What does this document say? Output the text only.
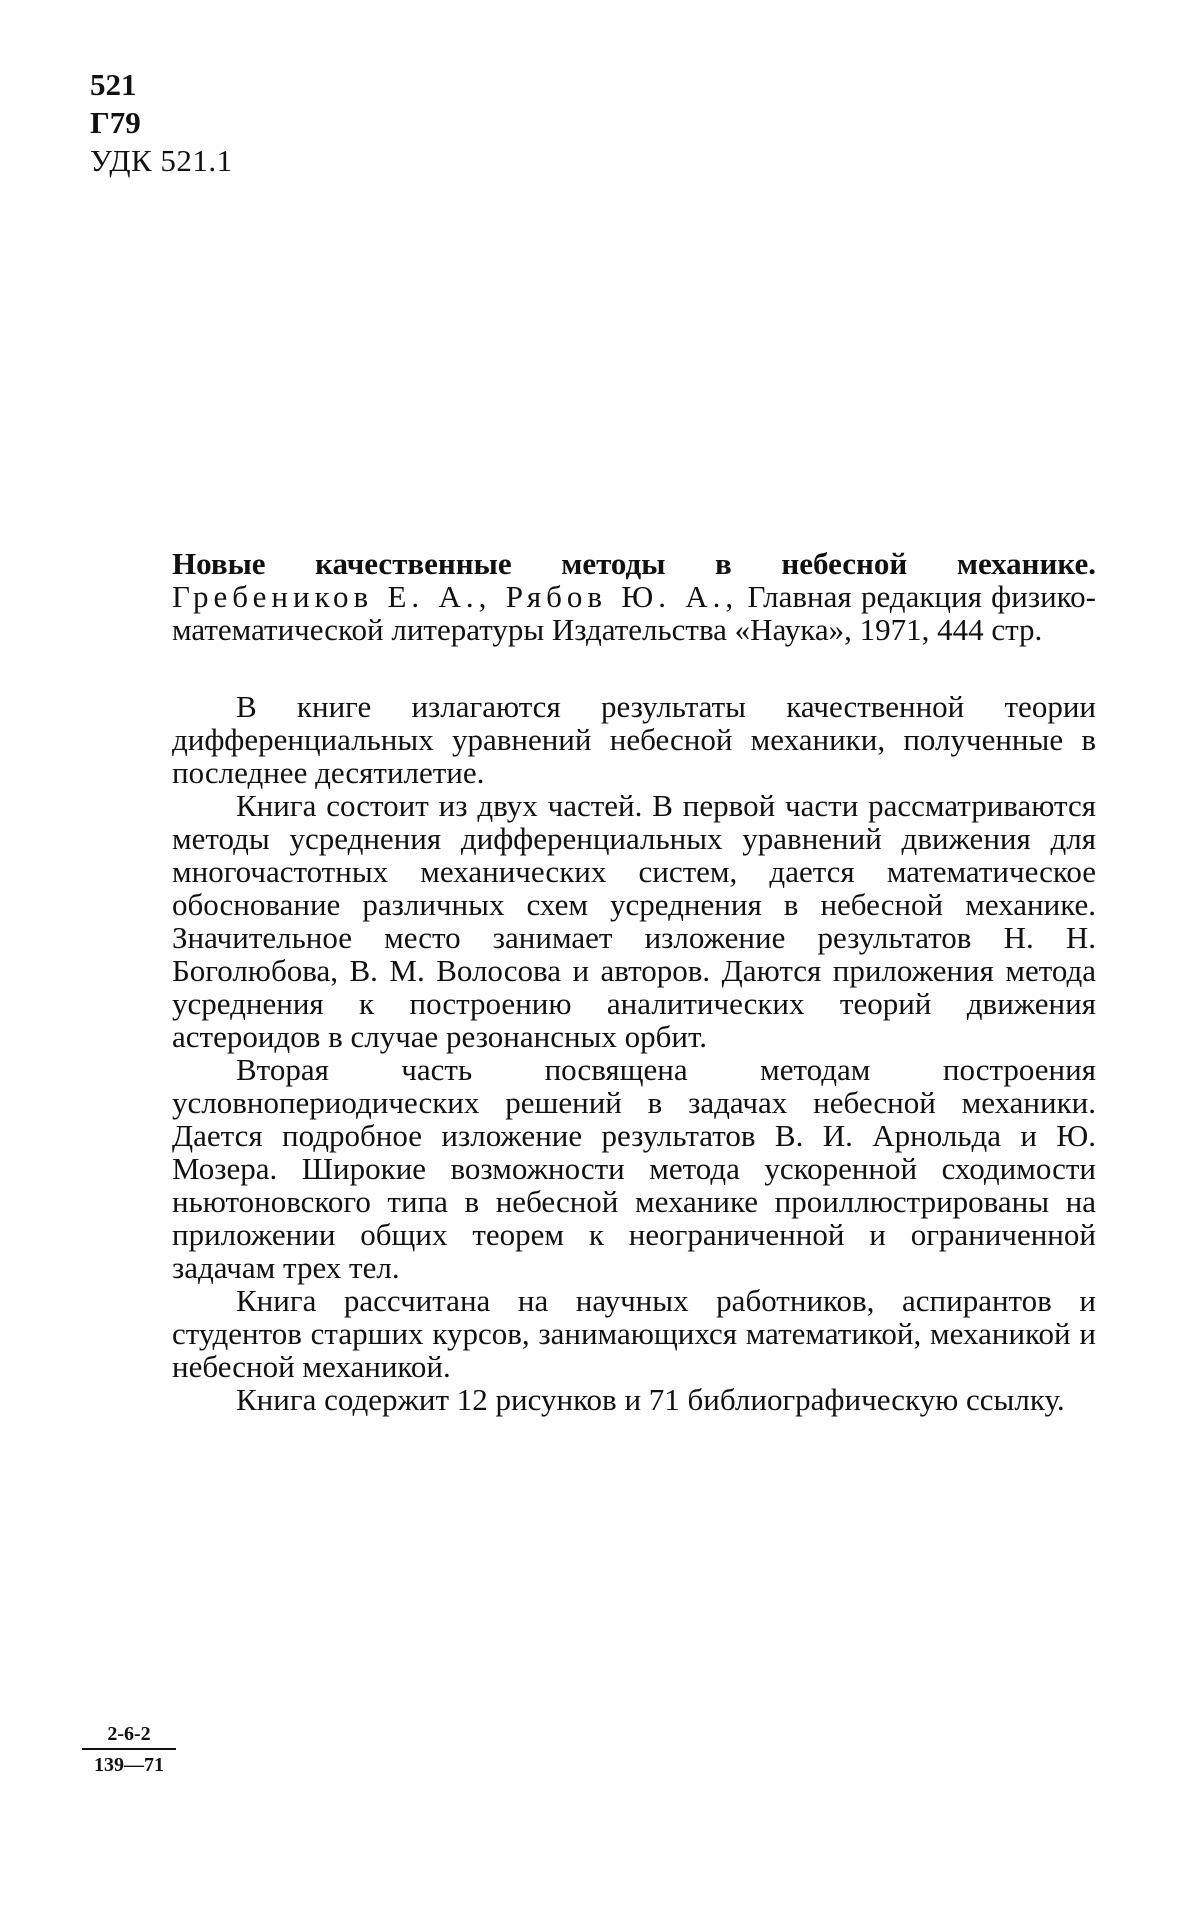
521
Г79
УДК 521.1

Новые качественные методы в небесной механике. Гребеников Е. А., Рябов Ю. А., Главная редакция физико-математической литературы Издательства «Наука», 1971, 444 стр.

В книге излагаются результаты качественной теории дифференциальных уравнений небесной механики, полученные в последнее десятилетие.

Книга состоит из двух частей. В первой части рассматриваются методы усреднения дифференциальных уравнений движения для многочастотных механических систем, дается математическое обоснование различных схем усреднения в небесной механике. Значительное место занимает изложение результатов Н. Н. Боголюбова, В. М. Волосова и авторов. Даются приложения метода усреднения к построению аналитических теорий движения астероидов в случае резонансных орбит.

Вторая часть посвящена методам построения условнопериодических решений в задачах небесной механики. Дается подробное изложение результатов В. И. Арнольда и Ю. Мозера. Широкие возможности метода ускоренной сходимости ньютоновского типа в небесной механике проиллюстрированы на приложении общих теорем к неограниченной и ограниченной задачам трех тел.

Книга рассчитана на научных работников, аспирантов и студентов старших курсов, занимающихся математикой, механикой и небесной механикой.

Книга содержит 12 рисунков и 71 библиографическую ссылку.

$\frac{2-6-2}{139—71}$
